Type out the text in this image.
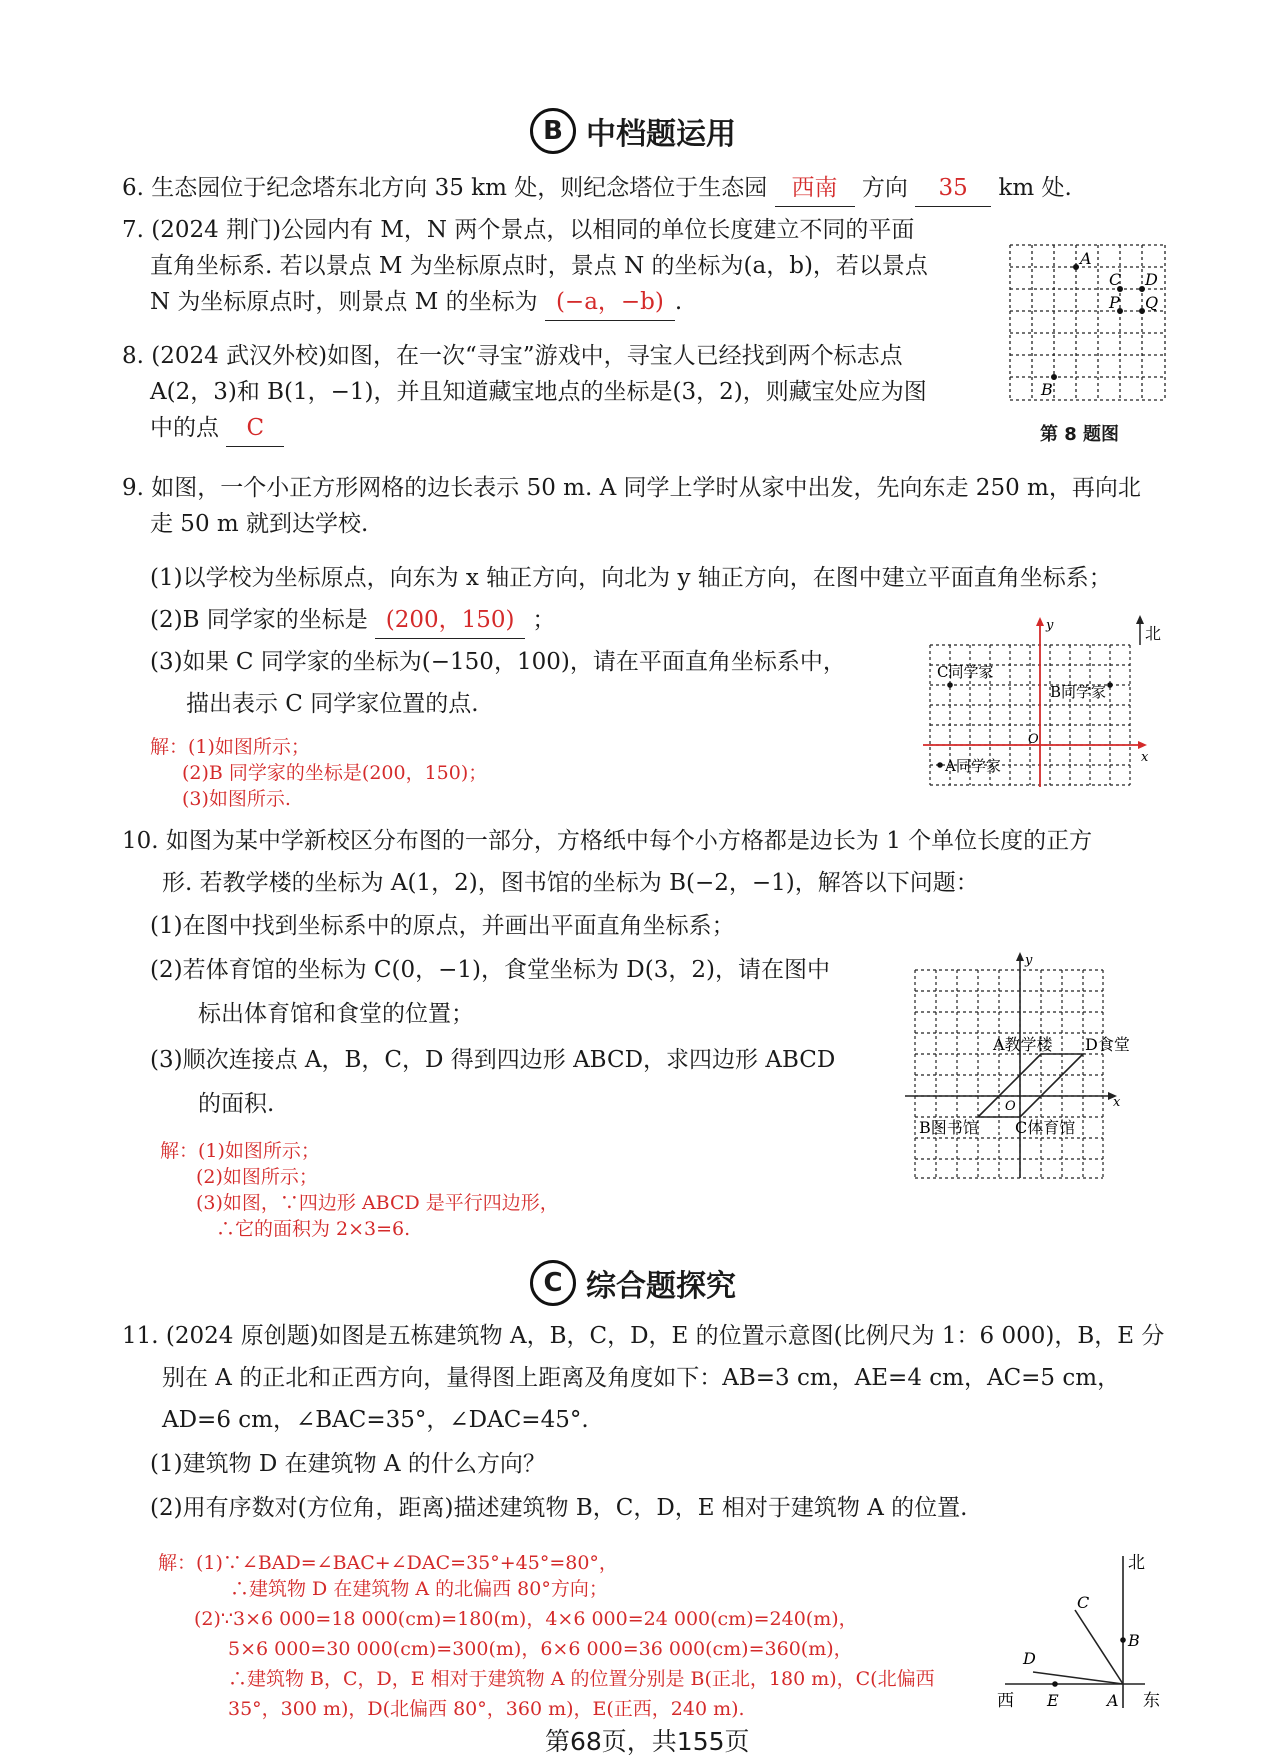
B 中档题运用
6. 生态园位于纪念塔东北方向 35 km 处，则纪念塔位于生态园 西南 方向 35 km 处.
7. (2024 荆门)公园内有 M，N 两个景点，以相同的单位长度建立不同的平面
直角坐标系. 若以景点 M 为坐标原点时，景点 N 的坐标为(a，b)，若以景点
N 为坐标原点时，则景点 M 的坐标为 (−a，−b) .
8. (2024 武汉外校)如图，在一次“寻宝”游戏中，寻宝人已经找到两个标志点
A(2，3)和 B(1，−1)，并且知道藏宝地点的坐标是(3，2)，则藏宝处应为图
中的点 C
A
C D
P Q
B
第 8 题图
9. 如图，一个小正方形网格的边长表示 50 m. A 同学上学时从家中出发，先向东走 250 m，再向北
走 50 m 就到达学校.
(1)以学校为坐标原点，向东为 x 轴正方向，向北为 y 轴正方向，在图中建立平面直角坐标系；
(2)B 同学家的坐标是 (200，150) ；
(3)如果 C 同学家的坐标为(−150，100)，请在平面直角坐标系中，
描出表示 C 同学家位置的点.
解：(1)如图所示；
(2)B 同学家的坐标是(200，150)；
(3)如图所示.
y
x
O
北
C同学家
B同学家
A同学家
10. 如图为某中学新校区分布图的一部分，方格纸中每个小方格都是边长为 1 个单位长度的正方
形. 若教学楼的坐标为 A(1，2)，图书馆的坐标为 B(−2，−1)，解答以下问题：
(1)在图中找到坐标系中的原点，并画出平面直角坐标系；
(2)若体育馆的坐标为 C(0，−1)，食堂坐标为 D(3，2)，请在图中
标出体育馆和食堂的位置；
(3)顺次连接点 A，B，C，D 得到四边形 ABCD，求四边形 ABCD
的面积.
解：(1)如图所示；
(2)如图所示；
(3)如图，∵四边形 ABCD 是平行四边形，
∴它的面积为 2×3=6.
y
x
O
A教学楼 D食堂
B图书馆 C体育馆
C 综合题探究
11. (2024 原创题)如图是五栋建筑物 A，B，C，D，E 的位置示意图(比例尺为 1：6 000)，B，E 分
别在 A 的正北和正西方向，量得图上距离及角度如下：AB=3 cm，AE=4 cm，AC=5 cm，
AD=6 cm，∠BAC=35°，∠DAC=45°.
(1)建筑物 D 在建筑物 A 的什么方向？
(2)用有序数对(方位角，距离)描述建筑物 B，C，D，E 相对于建筑物 A 的位置.
解：(1)∵∠BAD=∠BAC+∠DAC=35°+45°=80°，
∴建筑物 D 在建筑物 A 的北偏西 80°方向；
(2)∵3×6 000=18 000(cm)=180(m)，4×6 000=24 000(cm)=240(m)，
5×6 000=30 000(cm)=300(m)，6×6 000=36 000(cm)=360(m)，
∴建筑物 B，C，D，E 相对于建筑物 A 的位置分别是 B(正北，180 m)，C(北偏西
35°，300 m)，D(北偏西 80°，360 m)，E(正西，240 m).
北
东
西	A
B
C
D
E
第68页，共155页
